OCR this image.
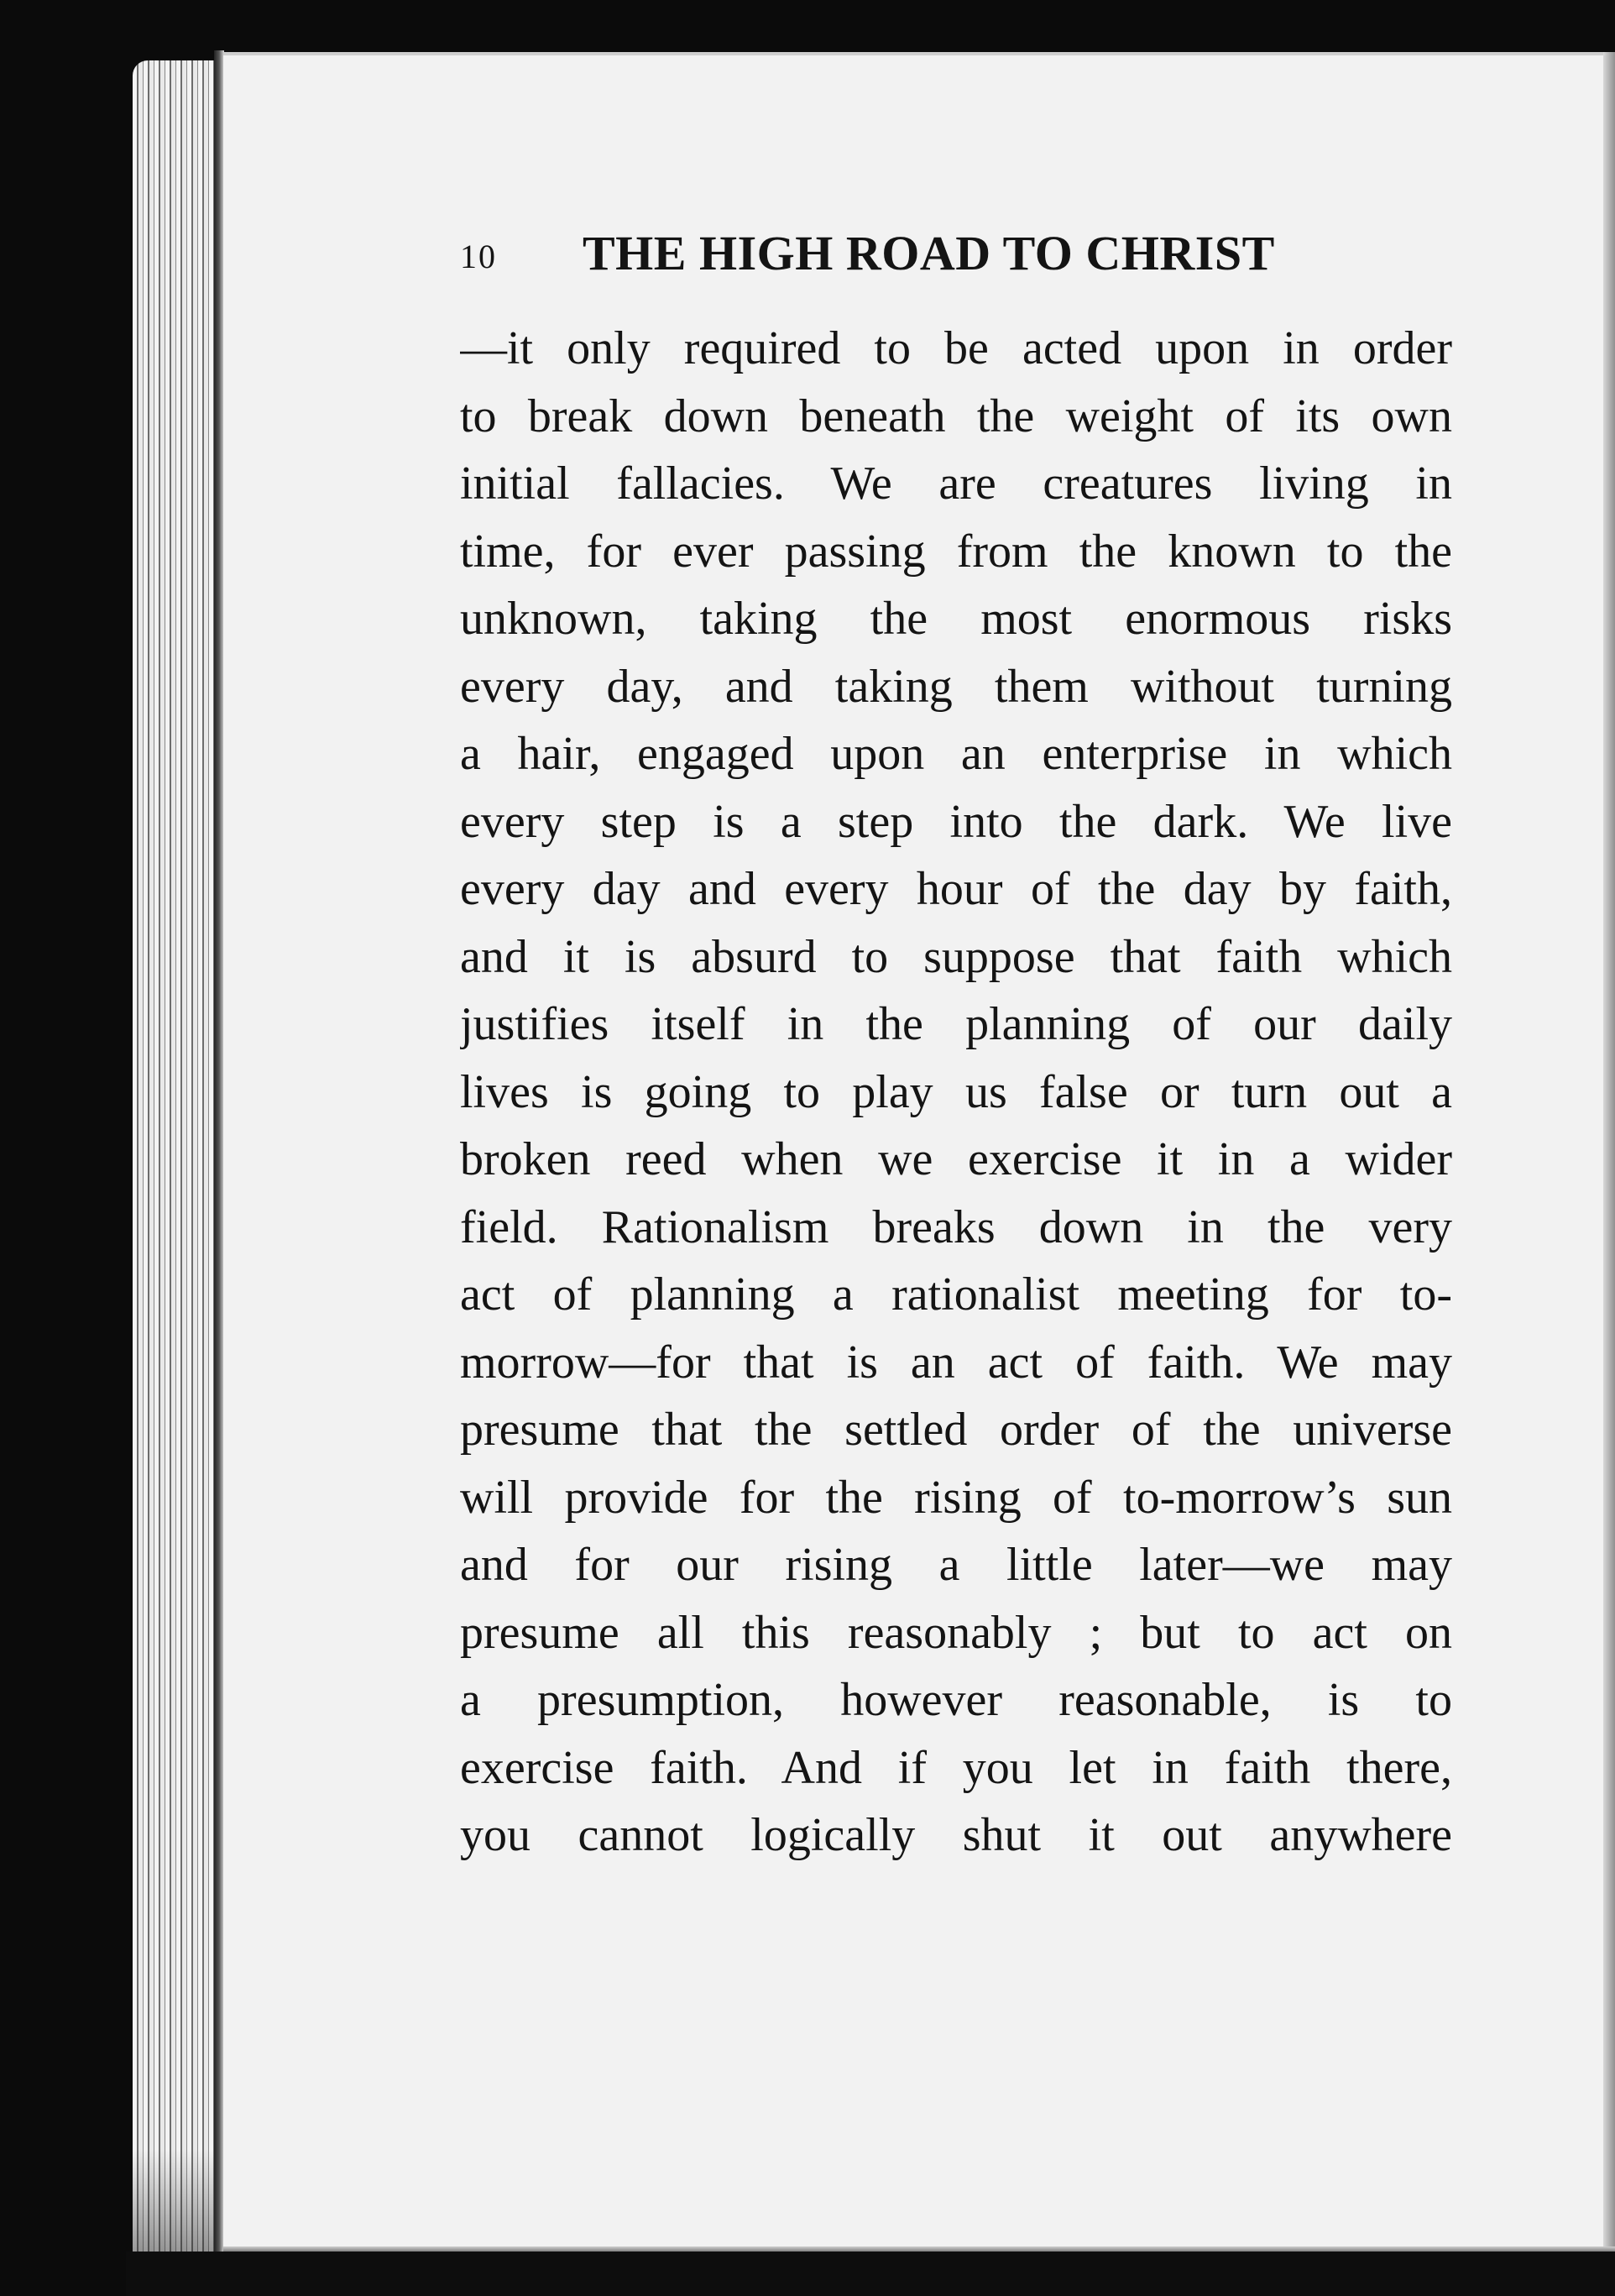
10 THE HIGH ROAD TO CHRIST
—it only required to be acted upon in order
to break down beneath the weight of its own
initial fallacies. We are creatures living in
time, for ever passing from the known to the
unknown, taking the most enormous risks
every day, and taking them without turning
a hair, engaged upon an enterprise in which
every step is a step into the dark. We live
every day and every hour of the day by faith,
and it is absurd to suppose that faith which
justifies itself in the planning of our daily
lives is going to play us false or turn out a
broken reed when we exercise it in a wider
field. Rationalism breaks down in the very
act of planning a rationalist meeting for to-
morrow—for that is an act of faith. We may
presume that the settled order of the universe
will provide for the rising of to-morrow’s sun
and for our rising a little later—we may
presume all this reasonably ; but to act on
a presumption, however reasonable, is to
exercise faith. And if you let in faith there,
you cannot logically shut it out anywhere
